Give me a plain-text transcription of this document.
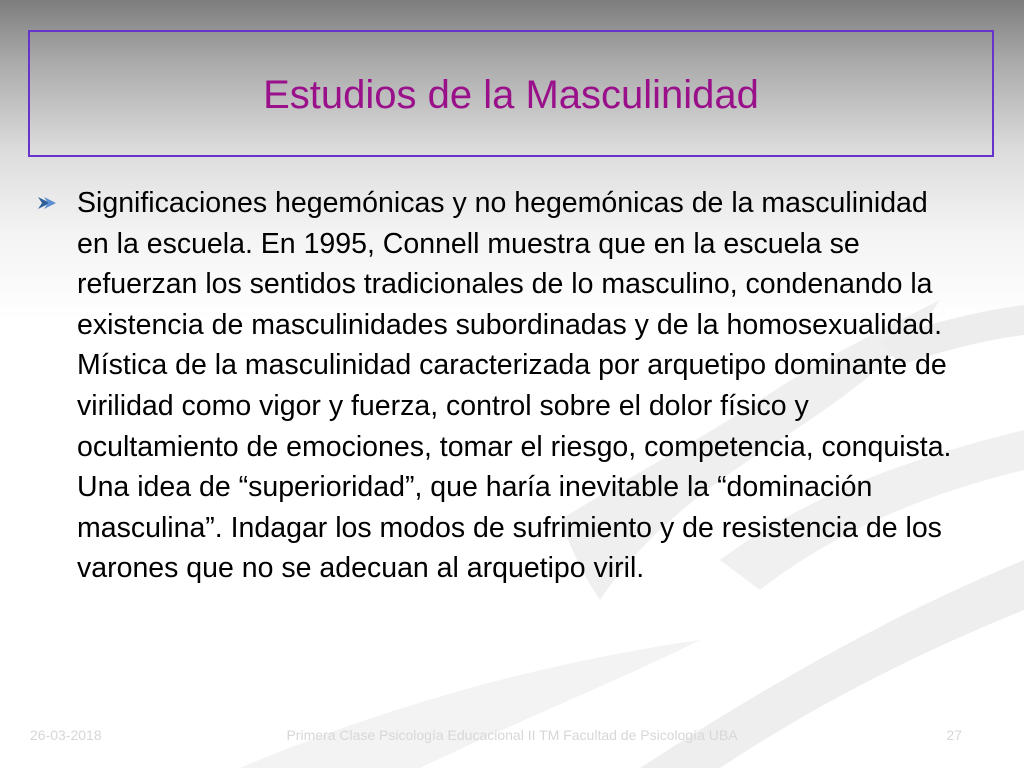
Estudios de la Masculinidad
Significaciones hegemónicas y no hegemónicas de la masculinidad en la escuela. En 1995, Connell muestra que en la escuela se refuerzan los sentidos tradicionales de lo masculino, condenando la existencia de masculinidades subordinadas y de la homosexualidad. Mística de la masculinidad caracterizada por arquetipo dominante de virilidad como vigor y fuerza, control sobre el dolor físico y ocultamiento de emociones, tomar el riesgo, competencia, conquista. Una idea de “superioridad”, que haría inevitable la “dominación masculina”. Indagar los modos de sufrimiento y de resistencia de los varones que no se adecuan al arquetipo viril.
26-03-2018	Primera Clase Psicología Educacional II TM Facultad de Psicología UBA	27
